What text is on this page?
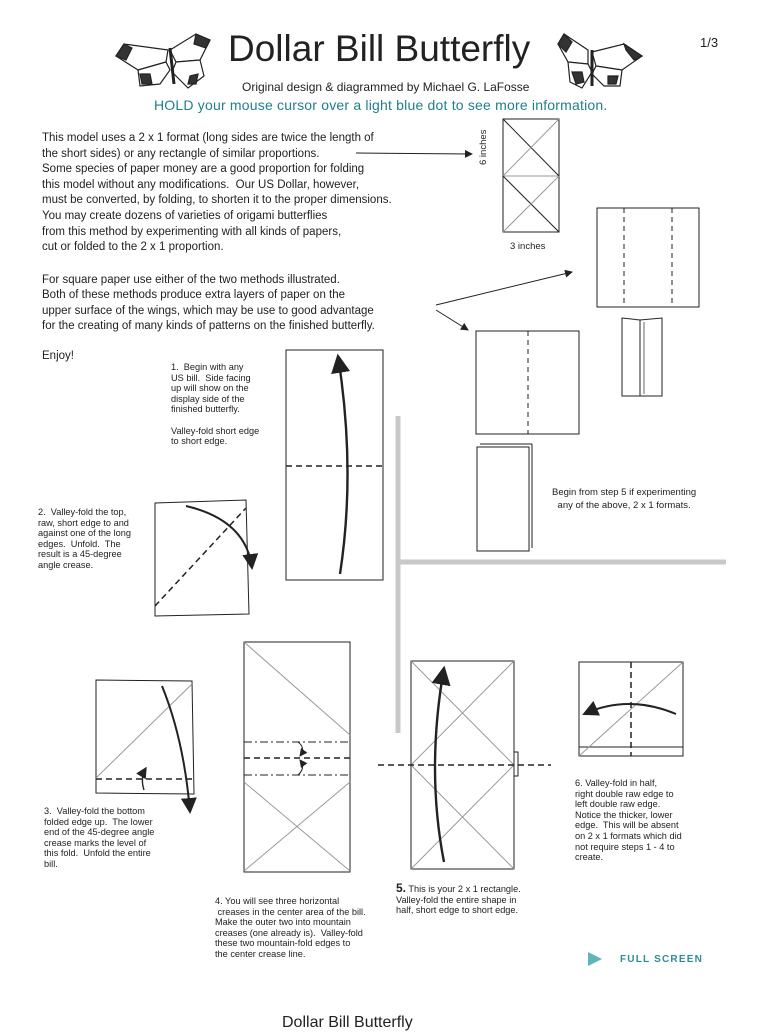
Dollar Bill Butterfly	1/3
Original design & diagrammed by Michael G. LaFosse
HOLD your mouse cursor over a light blue dot to see more information.
This model uses a 2 x 1 format (long sides are twice the length of
the short sides) or any rectangle of similar proportions.
Some species of paper money are a good proportion for folding
this model without any modifications.  Our US Dollar, however,
must be converted, by folding, to shorten it to the proper dimensions.
You may create dozens of varieties of origami butterflies
from this method by experimenting with all kinds of papers,
cut or folded to the 2 x 1 proportion.
For square paper use either of the two methods illustrated.
Both of these methods produce extra layers of paper on the
upper surface of the wings, which may be use to good advantage
for the creating of many kinds of patterns on the finished butterfly.
Enjoy!
6 inches
3 inches
Begin from step 5 if experimenting
any of the above, 2 x 1 formats.
1.  Begin with any
US bill.  Side facing
up will show on the
display side of the
finished butterfly.

Valley-fold short edge
to short edge.
2.  Valley-fold the top,
raw, short edge to and
against one of the long
edges.  Unfold.  The
result is a 45-degree
angle crease.
3.  Valley-fold the bottom
folded edge up.  The lower
end of the 45-degree angle
crease marks the level of
this fold.  Unfold the entire
bill.
4. You will see three horizontal
creases in the center area of the bill.
Make the outer two into mountain
creases (one already is).  Valley-fold
these two mountain-fold edges to
the center crease line.
5. This is your 2 x 1 rectangle.
Valley-fold the entire shape in
half, short edge to short edge.
6. Valley-fold in half,
right double raw edge to
left double raw edge.
Notice the thicker, lower
edge.  This will be absent
on 2 x 1 formats which did
not require steps 1 - 4 to
create.
FULL SCREEN
Dollar Bill Butterfly
